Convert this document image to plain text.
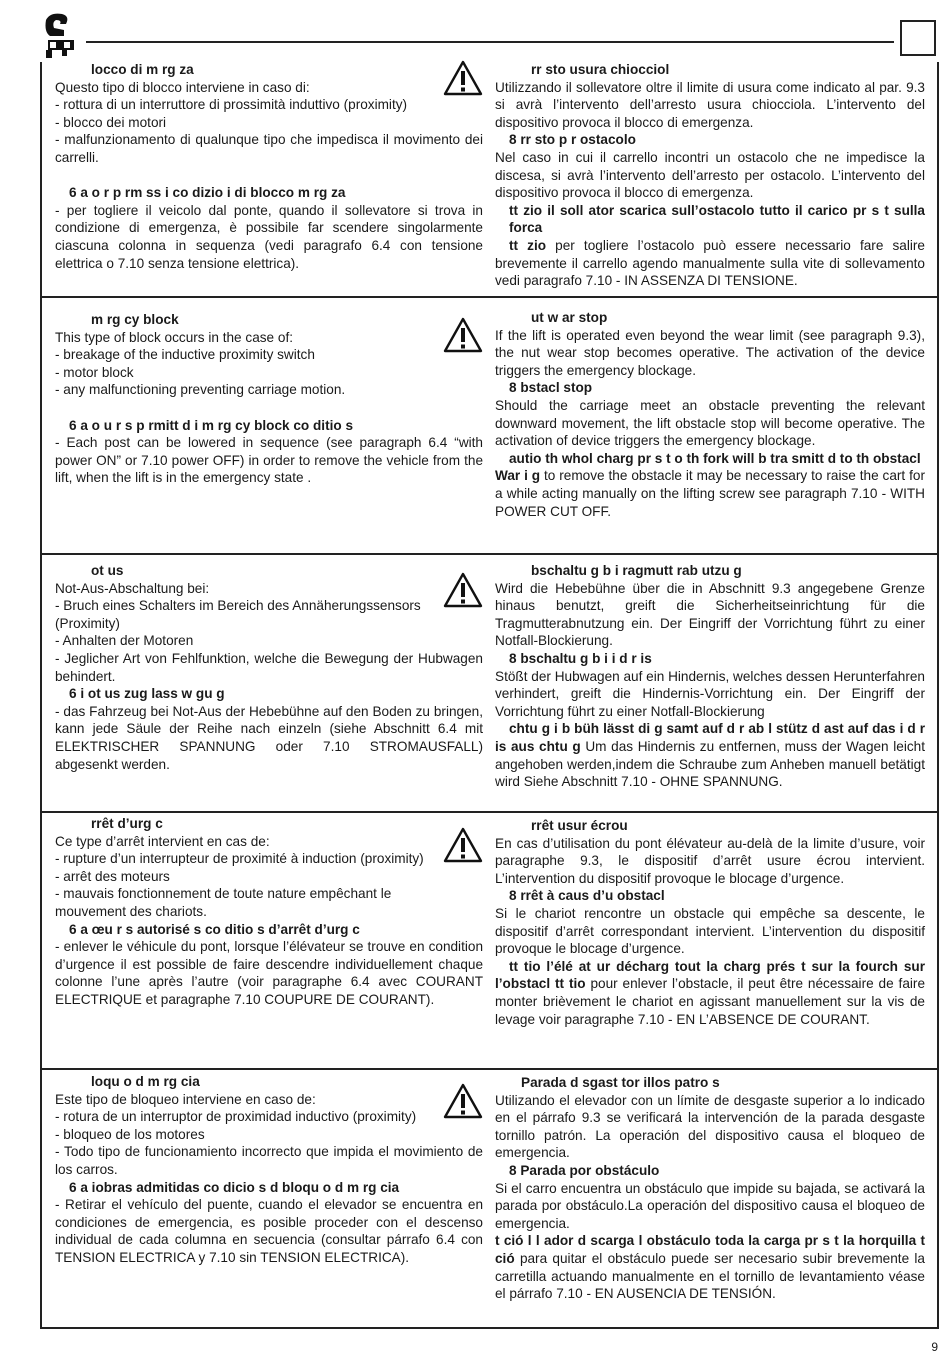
locco di m rg za

Questo tipo di blocco interviene in caso di:

- rottura di un interruttore di prossimità induttivo (proximity)

- blocco dei motori

- malfunzionamento di qualunque tipo che impedisca il movimento dei carrelli.

6 a o r p rm ss i co dizio i di blocco m rg za

- per togliere il veicolo dal ponte, quando il sollevatore si trova in condizione di emergenza, è possibile far scendere singolarmente ciascuna colonna in sequenza (vedi paragrafo 6.4 con tensione elettrica o 7.10 senza tensione elettrica).

rr sto usura chiocciol

Utilizzando il sollevatore oltre il limite di usura come indicato al par. 9.3 si avrà l’intervento dell’arresto usura chiocciola. L’intervento del dispositivo provoca il blocco di emergenza.

8 rr sto p r ostacolo

Nel caso in cui il carrello incontri un ostacolo che ne impedisce la discesa, si avrà l’intervento dell’arresto per ostacolo. L’intervento del dispositivo provoca il blocco di emergenza.

tt zio il soll ator scarica sull’ostacolo tutto il carico pr s t sulla forca

tt zio per togliere l’ostacolo può essere necessario fare salire brevemente il carrello agendo manualmente sulla vite di sollevamento vedi paragrafo 7.10 - IN ASSENZA DI TENSIONE.

m rg cy block

This type of block occurs in the case of:

- breakage of the inductive proximity switch

- motor block

- any malfunctioning preventing carriage motion.

6 a o u r s p rmitt d i m rg cy block co ditio s

- Each post can be lowered in sequence (see paragraph 6.4 “with power ON” or 7.10 power OFF) in order to remove the vehicle from the lift, when the lift is in the emergency state .

ut w ar stop

If the lift is operated even beyond the wear limit (see paragraph 9.3), the nut wear stop becomes operative. The activation of the device triggers the emergency blockage.

8 bstacl stop

Should the carriage meet an obstacle preventing the relevant downward movement, the lift obstacle stop will become operative. The activation of device triggers the emergency blockage.

autio th whol charg pr s t o th fork will b tra smitt d to th obstacl

War i g to remove the obstacle it may be necessary to raise the cart for a while acting manually on the lifting screw see paragraph 7.10 - WITH POWER CUT OFF.

ot us

Not-Aus-Abschaltung bei:

- Bruch eines Schalters im Bereich des Annäherungssensors (Proximity)

- Anhalten der Motoren

- Jeglicher Art von Fehlfunktion, welche die Bewegung der Hubwagen behindert.

6 i ot us zug lass w gu g

- das Fahrzeug bei Not-Aus der Hebebühne auf den Boden zu bringen, kann jede Säule der Reihe nach einzeln (siehe Abschnitt 6.4 mit ELEKTRISCHER SPANNUNG oder 7.10 STROMAUSFALL) abgesenkt werden.

bschaltu g b i ragmutt rab utzu g

Wird die Hebebühne über die in Abschnitt 9.3 angegebene Grenze hinaus benutzt, greift die Sicherheitseinrichtung für die Tragmutterabnutzung ein. Der Eingriff der Vorrichtung führt zu einer Notfall-Blockierung.

8 bschaltu g b i i d r is

Stößt der Hubwagen auf ein Hindernis, welches dessen Herunterfahren verhindert, greift die Hindernis-Vorrichtung ein. Der Eingriff der Vorrichtung führt zu einer Notfall-Blockierung

chtu g i b büh lässt di g samt auf d r ab l stütz d ast auf das i d r is aus chtu g Um das Hindernis zu entfernen, muss der Wagen leicht angehoben werden,indem die Schraube zum Anheben manuell betätigt wird Siehe Abschnitt 7.10 - OHNE SPANNUNG.

rrêt d’urg c

Ce type d’arrêt intervient en cas de:

- rupture d’un interrupteur de proximité à induction (proximity)

- arrêt des moteurs

- mauvais fonctionnement de toute nature empêchant le mouvement des chariots.

6 a œu r s autorisé s co ditio s d’arrêt d’urg c

- enlever le véhicule du pont, lorsque l’élévateur se trouve en condition d’urgence il est possible de faire descendre individuellement chaque colonne l’une après l’autre (voir paragraphe 6.4 avec COURANT ELECTRIQUE et paragraphe 7.10 COUPURE DE COURANT).

rrêt usur écrou

En cas d’utilisation du pont élévateur au-delà de la limite d’usure, voir paragraphe 9.3, le dispositif d’arrêt usure écrou intervient. L’intervention du dispositif provoque le blocage d’urgence.

8 rrêt à caus d’u obstacl

Si le chariot rencontre un obstacle qui empêche sa descente, le dispositif d’arrêt correspondant intervient. L’intervention du dispositif provoque le blocage d’urgence.

tt tio l’élé at ur décharg tout la charg prés t sur la fourch sur l’obstacl tt tio pour enlever l’obstacle, il peut être nécessaire de faire monter brièvement le chariot en agissant manuellement sur la vis de levage voir paragraphe 7.10 - EN L’ABSENCE DE COURANT.

loqu o d m rg cia

Este tipo de bloqueo interviene en caso de:

- rotura de un interruptor de proximidad inductivo (proximity)

- bloqueo de los motores

- Todo tipo de funcionamiento incorrecto que impida el movimiento de los carros.

6 a iobras admitidas co dicio s d bloqu o d m rg cia

- Retirar el vehículo del puente, cuando el elevador se encuentra en condiciones de emergencia, es posible proceder con el descenso individual de cada columna en secuencia (consultar párrafo 6.4 con TENSION ELECTRICA y 7.10 sin TENSION ELECTRICA).

Parada d sgast tor illos patro s

Utilizando el elevador con un límite de desgaste superior a lo indicado en el párrafo 9.3 se verificará la intervención de la parada desgaste tornillo patrón. La operación del dispositivo causa el bloqueo de emergencia.

8 Parada por obstáculo

Si el carro encuentra un obstáculo que impide su bajada, se activará la parada por obstáculo.La operación del dispositivo causa el bloqueo de emergencia.

t ció l l ador d scarga l obstáculo toda la carga pr s t la horquilla t ció para quitar el obstáculo puede ser necesario subir brevemente la carretilla actuando manualmente en el tornillo de levantamiento véase el párrafo 7.10 - EN AUSENCIA DE TENSIÓN.

9
